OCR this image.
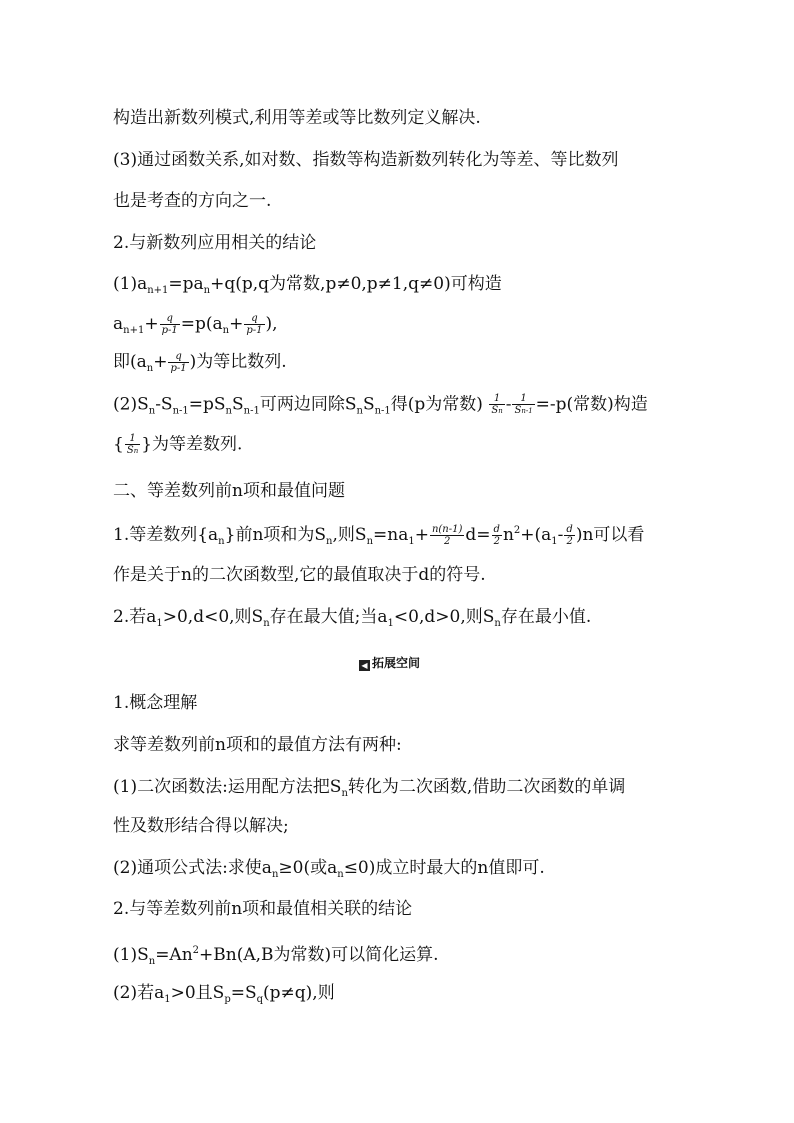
构造出新数列模式,利用等差或等比数列定义解决.
(3)通过函数关系,如对数、指数等构造新数列转化为等差、等比数列
也是考查的方向之一.
2.与新数列应用相关的结论
$(1)a_{n+1}=pa_n+q(p,q$为常数,p≠0,p≠1,q≠0)可构造
$a_{n+1}+ \frac{q}{p-1} =p(a_n+ \frac{q}{p-1}$ ),
即($a_n+ \frac{q}{p-1}$ )为等比数列.
$(2)S_n-S_{n-1}=pS_nS_{n-1}$可两边同除$S_nS_{n-1}$得(p为常数) $\frac{1}{Sn} - \frac{1}{Sn-1} =-p$(常数)构造
{ $\frac{1}{Sn}$ }为等差数列.
二、等差数列前n项和最值问题
1.等差数列$\{a_n\}$前n项和为$S_n$,则$S_n=na_1+ \frac{n(n-1)}{2} d= \frac{d}{2} n^2+(a_1- \frac{d}{2} )n$可以看
作是关于n的二次函数型,它的最值取决于d的符号.
2.若$a_1>0,d<0$,则$S_n$存在最大值;当$a_1<0,d>0$,则$S_n$存在最小值.
◀ 拓展空间
1.概念理解
求等差数列前n项和的最值方法有两种:
(1)二次函数法:运用配方法把$S_n$转化为二次函数,借助二次函数的单调
性及数形结合得以解决;
(2)通项公式法:求使$a_n\ge 0$(或$a_n\le 0$)成立时最大的n值即可.
2.与等差数列前n项和最值相关联的结论
$(1)S_n=An^2+Bn(A,B$为常数)可以简化运算.
(2)若$a_1>0$且$S_p=S_q(p\ne q)$,则
